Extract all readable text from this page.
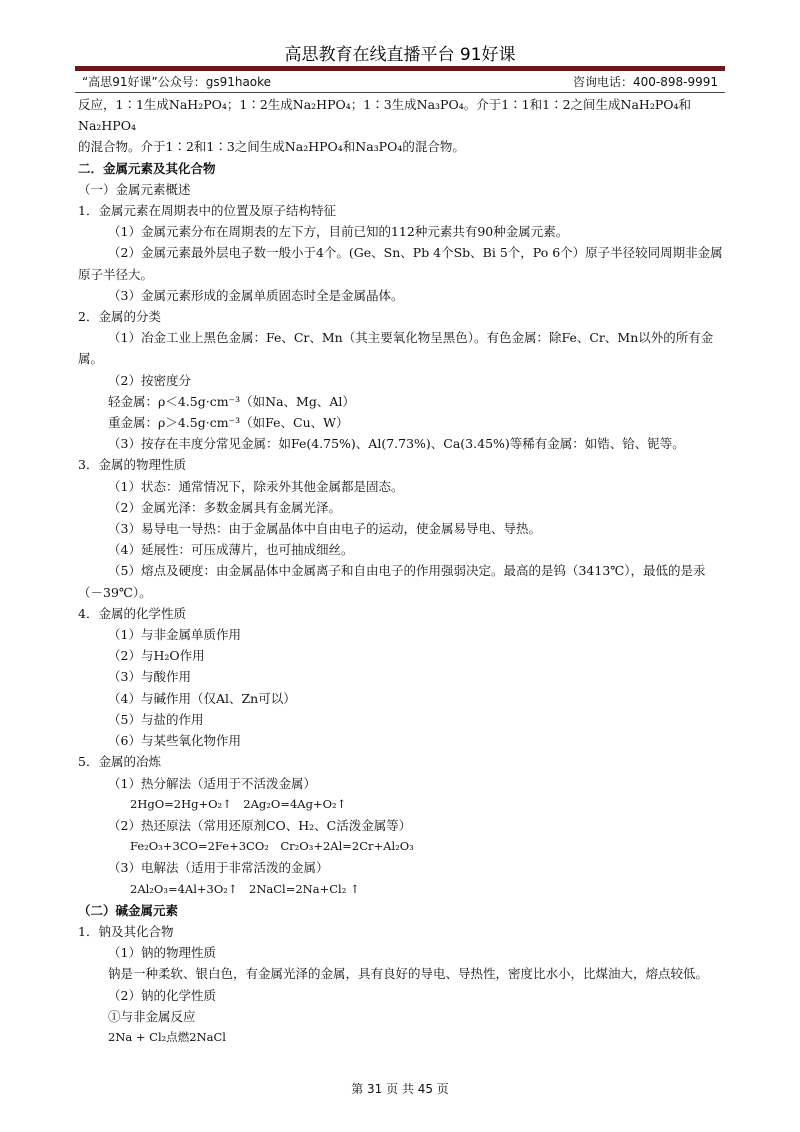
高思教育在线直播平台 91好课
“高思91好课”公众号：gs91haoke	咨询电话：400-898-9991

反应，1∶1生成NaH₂PO₄；1∶2生成Na₂HPO₄；1∶3生成Na₃PO₄。介于1∶1和1∶2之间生成NaH₂PO₄和Na₂HPO₄

的混合物。介于1∶2和1∶3之间生成Na₂HPO₄和Na₃PO₄的混合物。

二．金属元素及其化合物

（一）金属元素概述

1．金属元素在周期表中的位置及原子结构特征

（1）金属元素分布在周期表的左下方，目前已知的112种元素共有90种金属元素。

（2）金属元素最外层电子数一般小于4个。(Ge、Sn、Pb 4个Sb、Bi 5个，Po 6个）原子半径较同周期非金属原子半径大。

（3）金属元素形成的金属单质固态时全是金属晶体。

2．金属的分类

（1）冶金工业上黑色金属：Fe、Cr、Mn（其主要氧化物呈黑色）。有色金属：除Fe、Cr、Mn以外的所有金属。

（2）按密度分

轻金属：ρ＜4.5g·cm⁻³（如Na、Mg、Al）

重金属：ρ＞4.5g·cm⁻³（如Fe、Cu、W）

（3）按存在丰度分常见金属：如Fe(4.75%)、Al(7.73%)、Ca(3.45%)等稀有金属：如锆、铪、铌等。

3．金属的物理性质

（1）状态：通常情况下，除汞外其他金属都是固态。

（2）金属光泽：多数金属具有金属光泽。

（3）易导电一导热：由于金属晶体中自由电子的运动，使金属易导电、导热。

（4）延展性：可压成薄片，也可抽成细丝。

（5）熔点及硬度：由金属晶体中金属离子和自由电子的作用强弱决定。最高的是钨（3413℃），最低的是汞（－39℃）。

4．金属的化学性质

（1）与非金属单质作用

（2）与H₂O作用

（3）与酸作用

（4）与碱作用（仅Al、Zn可以）

（5）与盐的作用

（6）与某些氧化物作用

5．金属的冶炼

（1）热分解法（适用于不活泼金属）

2HgO=2Hg+O₂↑　2Ag₂O=4Ag+O₂↑

（2）热还原法（常用还原剂CO、H₂、C活泼金属等）

Fe₂O₃+3CO=2Fe+3CO₂　Cr₂O₃+2Al=2Cr+Al₂O₃

（3）电解法（适用于非常活泼的金属）

2Al₂O₃=4Al+3O₂↑　2NaCl=2Na+Cl₂ ↑

（二）碱金属元素

1．钠及其化合物

（1）钠的物理性质

钠是一种柔软、银白色，有金属光泽的金属，具有良好的导电、导热性，密度比水小，比煤油大，熔点较低。

（2）钠的化学性质

①与非金属反应

2Na + Cl₂点燃2NaCl

第 31 页 共 45 页
